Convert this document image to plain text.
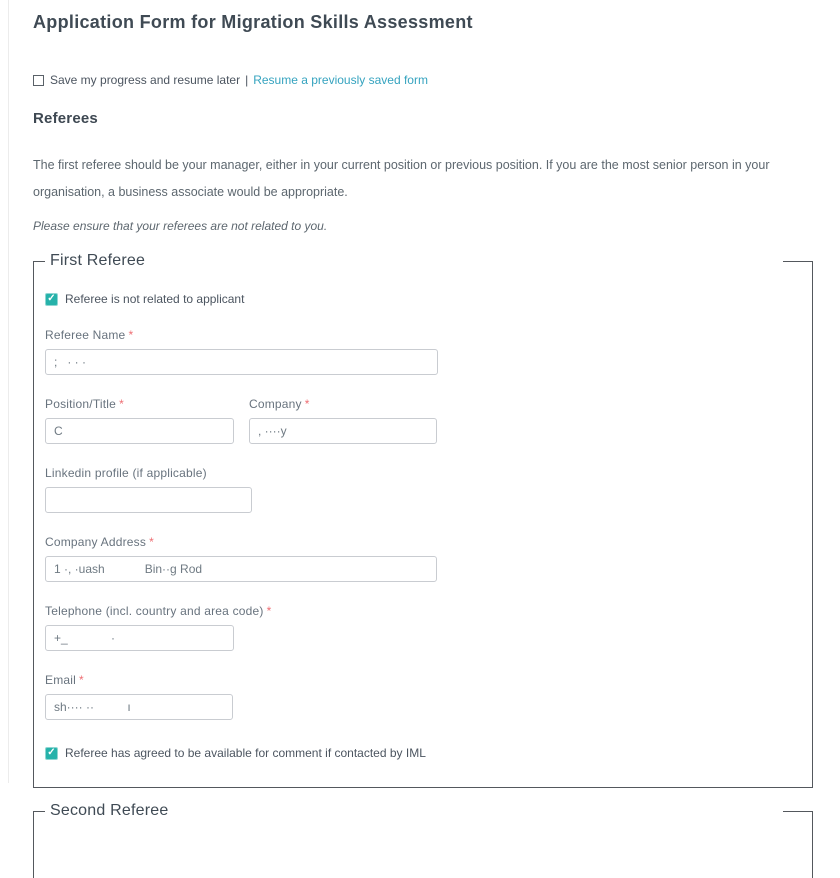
Application Form for Migration Skills Assessment
Save my progress and resume later | Resume a previously saved form
Referees

The first referee should be your manager, either in your current position or previous position. If you are the most senior person in your organisation, a business associate would be appropriate.

Please ensure that your referees are not related to you.

First Referee
✓ Referee is not related to applicant
Referee Name *
; · · ·
Position/Title *
C	Company *
, ····y
Linkedin profile (if applicable)
Company Address *
1 ·, ·uash Bin··g Rod
Telephone (incl. country and area code) *
+_ ·
Email *
sh···· ·· ı
✓ Referee has agreed to be available for comment if contacted by IML
Second Referee
